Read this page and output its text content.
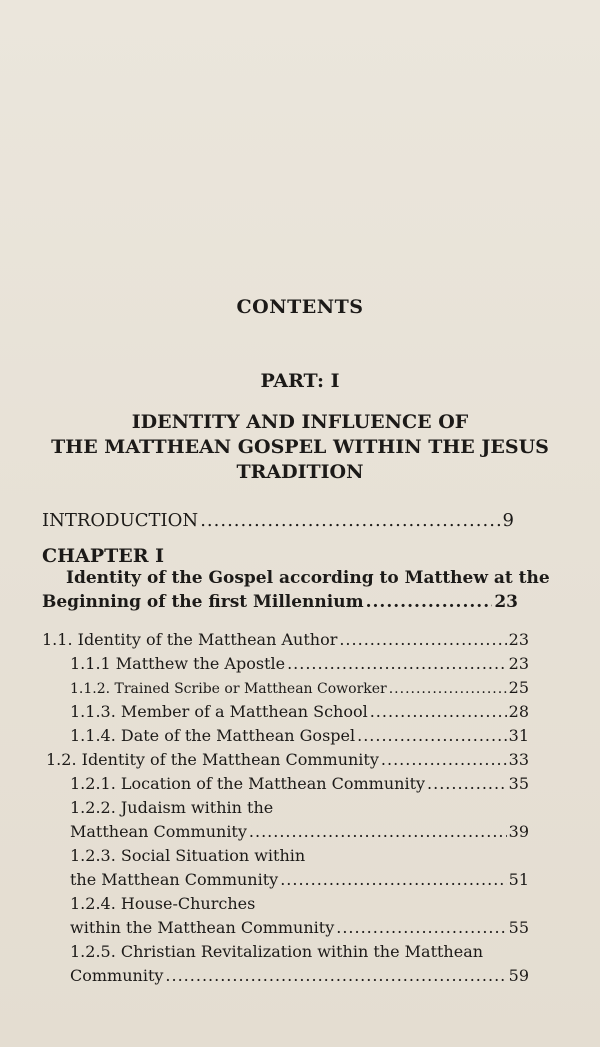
​          
CONTENTS
PART: I
IDENTITY AND INFLUENCE OF
THE MATTHEAN GOSPEL WITHIN THE JESUS
TRADITION
INTRODUCTION .....	9
CHAPTER I
Identity of the Gospel according to Matthew at the
Beginning of the first Millennium .....	23
1.1. Identity of the Matthean Author .....	23
1.1.1 Matthew the Apostle .....	23
1.1.2. Trained Scribe or Matthean Coworker .....	25
1.1.3. Member of a Matthean School .....	28
1.1.4. Date of the Matthean Gospel .....	31
1.2. Identity of the Matthean Community .....	33
1.2.1. Location of the Matthean Community .....	35
1.2.2. Judaism within the
Matthean Community .....	39
1.2.3. Social Situation within
the Matthean Community .....	51
1.2.4. House-Churches
within the Matthean Community .....	55
1.2.5. Christian Revitalization within the Matthean
Community .....	59
